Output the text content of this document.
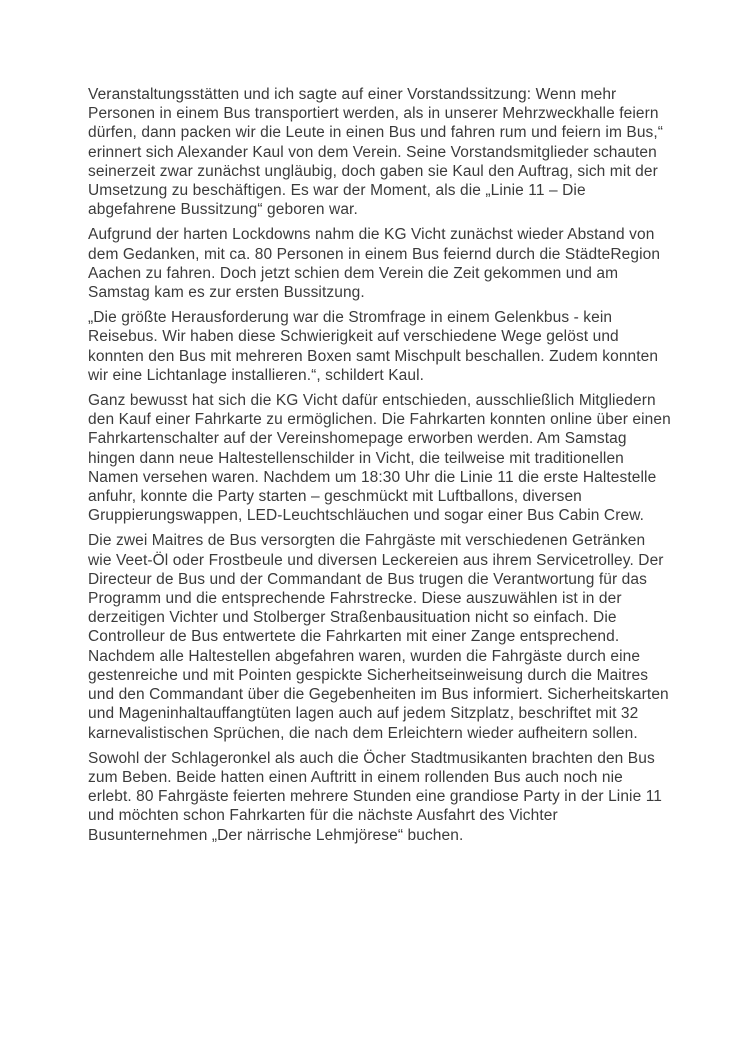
Veranstaltungsstätten und ich sagte auf einer Vorstandssitzung: Wenn mehr
Personen in einem Bus transportiert werden, als in unserer Mehrzweckhalle feiern
dürfen, dann packen wir die Leute in einen Bus und fahren rum und feiern im Bus,“
erinnert sich Alexander Kaul von dem Verein. Seine Vorstandsmitglieder schauten
seinerzeit zwar zunächst ungläubig, doch gaben sie Kaul den Auftrag, sich mit der
Umsetzung zu beschäftigen. Es war der Moment, als die „Linie 11 – Die
abgefahrene Bussitzung“ geboren war.

Aufgrund der harten Lockdowns nahm die KG Vicht zunächst wieder Abstand von
dem Gedanken, mit ca. 80 Personen in einem Bus feiernd durch die StädteRegion
Aachen zu fahren. Doch jetzt schien dem Verein die Zeit gekommen und am
Samstag kam es zur ersten Bussitzung.

„Die größte Herausforderung war die Stromfrage in einem Gelenkbus - kein
Reisebus. Wir haben diese Schwierigkeit auf verschiedene Wege gelöst und
konnten den Bus mit mehreren Boxen samt Mischpult beschallen. Zudem konnten
wir eine Lichtanlage installieren.“, schildert Kaul.

Ganz bewusst hat sich die KG Vicht dafür entschieden, ausschließlich Mitgliedern
den Kauf einer Fahrkarte zu ermöglichen. Die Fahrkarten konnten online über einen
Fahrkartenschalter auf der Vereinshomepage erworben werden. Am Samstag
hingen dann neue Haltestellenschilder in Vicht, die teilweise mit traditionellen
Namen versehen waren. Nachdem um 18:30 Uhr die Linie 11 die erste Haltestelle
anfuhr, konnte die Party starten – geschmückt mit Luftballons, diversen
Gruppierungswappen, LED-Leuchtschläuchen und sogar einer Bus Cabin Crew.

Die zwei Maitres de Bus versorgten die Fahrgäste mit verschiedenen Getränken
wie Veet-Öl oder Frostbeule und diversen Leckereien aus ihrem Servicetrolley. Der
Directeur de Bus und der Commandant de Bus trugen die Verantwortung für das
Programm und die entsprechende Fahrstrecke. Diese auszuwählen ist in der
derzeitigen Vichter und Stolberger Straßenbausituation nicht so einfach. Die
Controlleur de Bus entwertete die Fahrkarten mit einer Zange entsprechend.
Nachdem alle Haltestellen abgefahren waren, wurden die Fahrgäste durch eine
gestenreiche und mit Pointen gespickte Sicherheitseinweisung durch die Maitres
und den Commandant über die Gegebenheiten im Bus informiert. Sicherheitskarten
und Mageninhaltauffangtüten lagen auch auf jedem Sitzplatz, beschriftet mit 32
karnevalistischen Sprüchen, die nach dem Erleichtern wieder aufheitern sollen.

Sowohl der Schlageronkel als auch die Öcher Stadtmusikanten brachten den Bus
zum Beben. Beide hatten einen Auftritt in einem rollenden Bus auch noch nie
erlebt. 80 Fahrgäste feierten mehrere Stunden eine grandiose Party in der Linie 11
und möchten schon Fahrkarten für die nächste Ausfahrt des Vichter
Busunternehmen „Der närrische Lehmjörese“ buchen.
